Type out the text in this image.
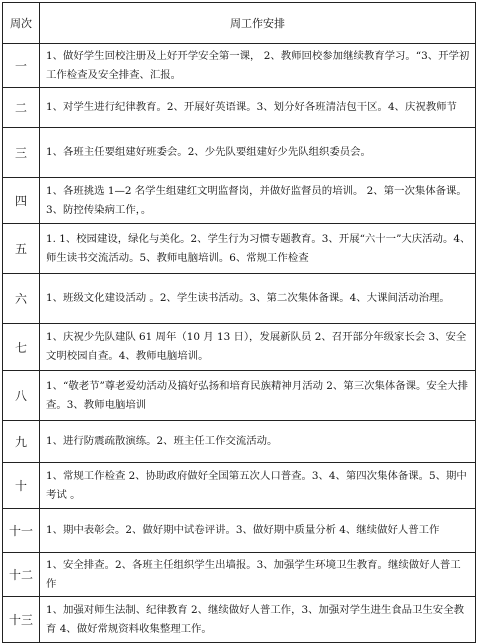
周次	周工作安排
一	1、做好学生回校注册及上好开学安全第一课， 2、教师回校参加继续教育学习。“3、开学初工作检查及安全排查、汇报。
二	1、对学生进行纪律教育。2、开展好英语课。3、划分好各班清洁包干区。4、庆祝教师节
三	1、各班主任要组建好班委会。2、少先队要组建好少先队组织委员会。
四	1、各班挑选 1—2 名学生组建红文明监督岗，并做好监督员的培训。 2、第一次集体备课。3、防控传染病工作，。
五	1. 1、校园建设，绿化与美化。2、学生行为习惯专题教育。3、开展“六十一”大庆活动。4、师生读书交流活动。5、教师电脑培训。6、常规工作检查
六	1、班级文化建设活动 。2、学生读书活动。3、第二次集体备课。4、大课间活动治理。
七	1、庆祝少先队建队 61 周年（10 月 13 日），发展新队员 2、召开部分年级家长会 3、安全文明校园自查。4、教师电脑培训。
八	1、“敬老节”尊老爱幼活动及搞好弘扬和培育民族精神月活动 2、第三次集体备课。安全大排查。3、教师电脑培训
九	1、进行防震疏散演练。2、班主任工作交流活动。
十	1、常规工作检查 2、协助政府做好全国第五次人口普查。3、4、第四次集体备课。5、期中考试 。
十一	1、期中表彰会。2、做好期中试卷评讲。3、做好期中质量分析 4、继续做好人普工作
十二	1、安全排查。2、各班主任组织学生出墙报。3、加强学生环境卫生教育。继续做好人普工作
十三	1、加强对师生法制、纪律教育 2、继续做好人普工作，3、加强对学生进生食品卫生安全教育 4、做好常规资料收集整理工作。
